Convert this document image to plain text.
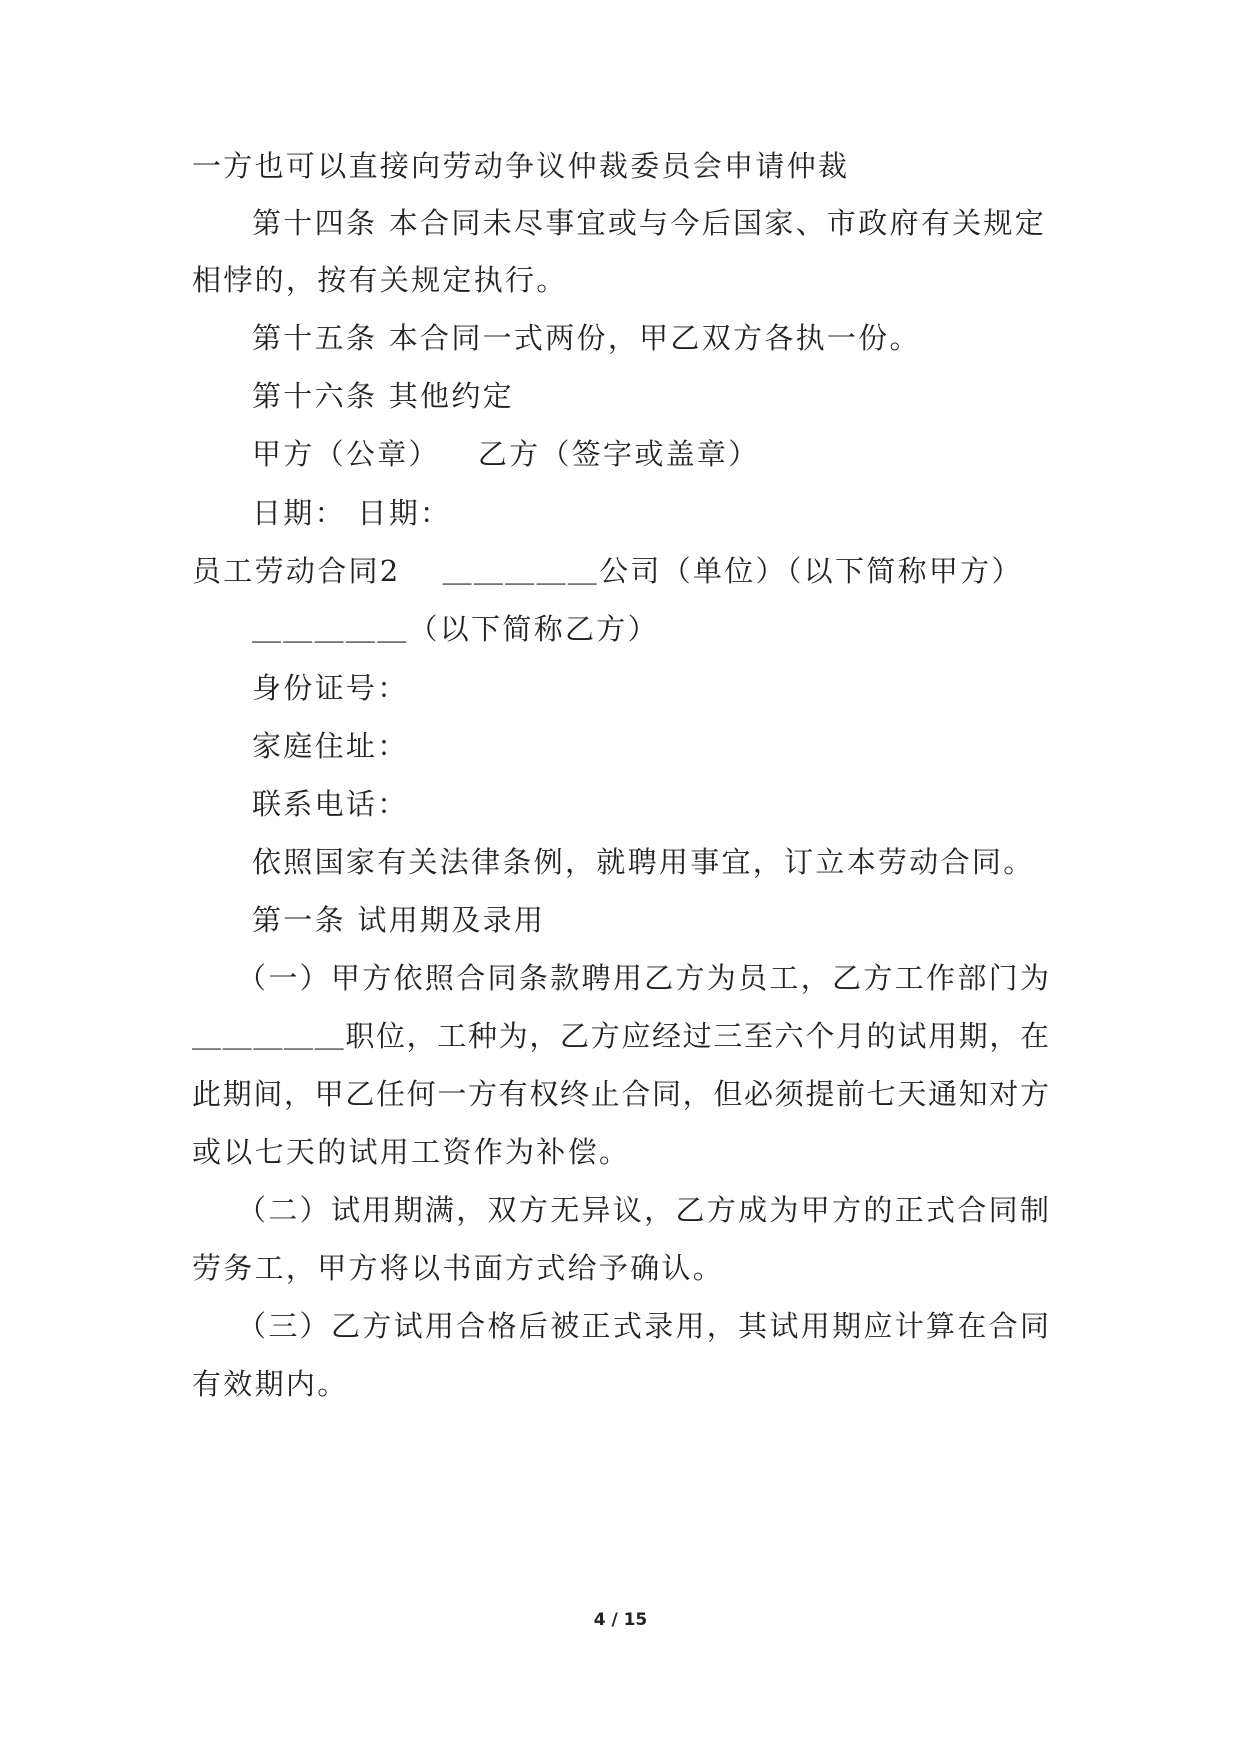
一方也可以直接向劳动争议仲裁委员会申请仲裁
第十四条 本合同未尽事宜或与今后国家、市政府有关规定
相悖的，按有关规定执行。
第十五条 本合同一式两份，甲乙双方各执一份。
第十六条 其他约定
甲方（公章） 乙方（签字或盖章）
日期： 日期：
员工劳动合同2 ＿＿＿＿＿公司（单位）（以下简称甲方）
＿＿＿＿＿（以下简称乙方）
身份证号：
家庭住址：
联系电话：
依照国家有关法律条例，就聘用事宜，订立本劳动合同。
第一条 试用期及录用
（一）甲方依照合同条款聘用乙方为员工，乙方工作部门为
＿＿＿＿＿职位，工种为，乙方应经过三至六个月的试用期，在
此期间，甲乙任何一方有权终止合同，但必须提前七天通知对方
或以七天的试用工资作为补偿。
（二）试用期满，双方无异议，乙方成为甲方的正式合同制
劳务工，甲方将以书面方式给予确认。
（三）乙方试用合格后被正式录用，其试用期应计算在合同
有效期内。
4 / 15
